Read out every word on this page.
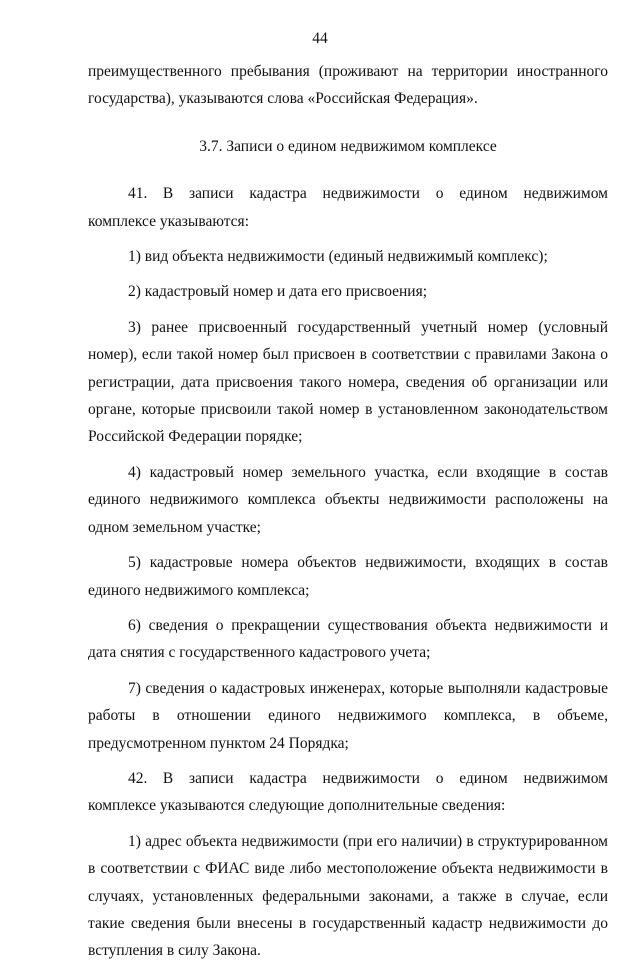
44

преимущественного пребывания (проживают на территории иностранного государства), указываются слова «Российская Федерация».

3.7. Записи о едином недвижимом комплексе

41. В записи кадастра недвижимости о едином недвижимом комплексе указываются:

1) вид объекта недвижимости (единый недвижимый комплекс);

2) кадастровый номер и дата его присвоения;

3) ранее присвоенный государственный учетный номер (условный номер), если такой номер был присвоен в соответствии с правилами Закона о регистрации, дата присвоения такого номера, сведения об организации или органе, которые присвоили такой номер в установленном законодательством Российской Федерации порядке;

4) кадастровый номер земельного участка, если входящие в состав единого недвижимого комплекса объекты недвижимости расположены на одном земельном участке;

5) кадастровые номера объектов недвижимости, входящих в состав единого недвижимого комплекса;

6) сведения о прекращении существования объекта недвижимости и дата снятия с государственного кадастрового учета;

7) сведения о кадастровых инженерах, которые выполняли кадастровые работы в отношении единого недвижимого комплекса, в объеме, предусмотренном пунктом 24 Порядка;

42. В записи кадастра недвижимости о едином недвижимом комплексе указываются следующие дополнительные сведения:

1) адрес объекта недвижимости (при его наличии) в структурированном в соответствии с ФИАС виде либо местоположение объекта недвижимости в случаях, установленных федеральными законами, а также в случае, если такие сведения были внесены в государственный кадастр недвижимости до вступления в силу Закона.
